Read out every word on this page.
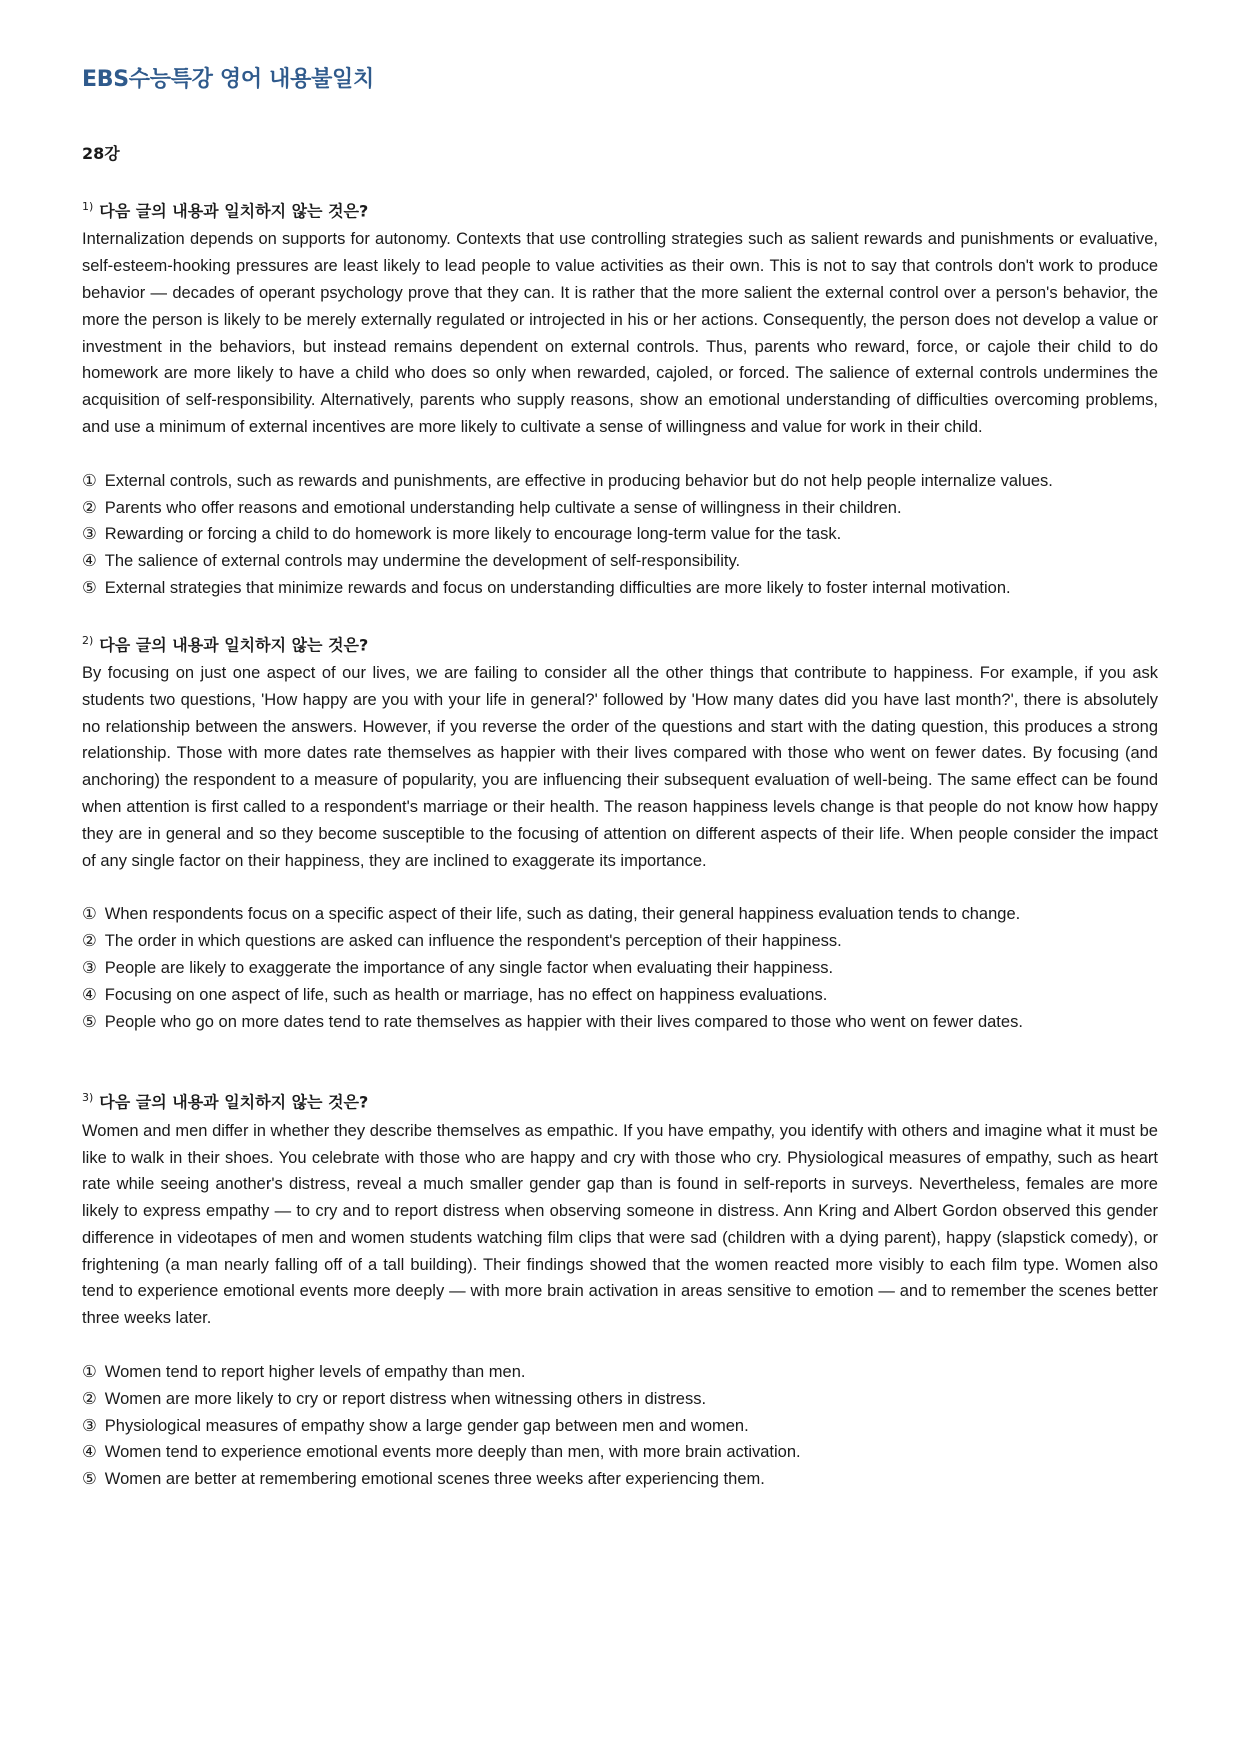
EBS수능특강 영어 내용불일치
28강
$^{1)}$ 다음 글의 내용과 일치하지 않는 것은?

Internalization depends on supports for autonomy. Contexts that use controlling strategies such as salient rewards and punishments or evaluative, self-esteem-hooking pressures are least likely to lead people to value activities as their own. This is not to say that controls don't work to produce behavior — decades of operant psychology prove that they can. It is rather that the more salient the external control over a person's behavior, the more the person is likely to be merely externally regulated or introjected in his or her actions. Consequently, the person does not develop a value or investment in the behaviors, but instead remains dependent on external controls. Thus, parents who reward, force, or cajole their child to do homework are more likely to have a child who does so only when rewarded, cajoled, or forced. The salience of external controls undermines the acquisition of self-responsibility. Alternatively, parents who supply reasons, show an emotional understanding of difficulties overcoming problems, and use a minimum of external incentives are more likely to cultivate a sense of willingness and value for work in their child.

① External controls, such as rewards and punishments, are effective in producing behavior but do not help people internalize values.
② Parents who offer reasons and emotional understanding help cultivate a sense of willingness in their children.
③ Rewarding or forcing a child to do homework is more likely to encourage long-term value for the task.
④ The salience of external controls may undermine the development of self-responsibility.
⑤ External strategies that minimize rewards and focus on understanding difficulties are more likely to foster internal motivation.
$^{2)}$ 다음 글의 내용과 일치하지 않는 것은?

By focusing on just one aspect of our lives, we are failing to consider all the other things that contribute to happiness. For example, if you ask students two questions, 'How happy are you with your life in general?' followed by 'How many dates did you have last month?', there is absolutely no relationship between the answers. However, if you reverse the order of the questions and start with the dating question, this produces a strong relationship. Those with more dates rate themselves as happier with their lives compared with those who went on fewer dates. By focusing (and anchoring) the respondent to a measure of popularity, you are influencing their subsequent evaluation of well-being. The same effect can be found when attention is first called to a respondent's marriage or their health. The reason happiness levels change is that people do not know how happy they are in general and so they become susceptible to the focusing of attention on different aspects of their life. When people consider the impact of any single factor on their happiness, they are inclined to exaggerate its importance.

① When respondents focus on a specific aspect of their life, such as dating, their general happiness evaluation tends to change.
② The order in which questions are asked can influence the respondent's perception of their happiness.
③ People are likely to exaggerate the importance of any single factor when evaluating their happiness.
④ Focusing on one aspect of life, such as health or marriage, has no effect on happiness evaluations.
⑤ People who go on more dates tend to rate themselves as happier with their lives compared to those who went on fewer dates.
$^{3)}$ 다음 글의 내용과 일치하지 않는 것은?

Women and men differ in whether they describe themselves as empathic. If you have empathy, you identify with others and imagine what it must be like to walk in their shoes. You celebrate with those who are happy and cry with those who cry. Physiological measures of empathy, such as heart rate while seeing another's distress, reveal a much smaller gender gap than is found in self-reports in surveys. Nevertheless, females are more likely to express empathy — to cry and to report distress when observing someone in distress. Ann Kring and Albert Gordon observed this gender difference in videotapes of men and women students watching film clips that were sad (children with a dying parent), happy (slapstick comedy), or frightening (a man nearly falling off of a tall building). Their findings showed that the women reacted more visibly to each film type. Women also tend to experience emotional events more deeply — with more brain activation in areas sensitive to emotion — and to remember the scenes better three weeks later.

① Women tend to report higher levels of empathy than men.
② Women are more likely to cry or report distress when witnessing others in distress.
③ Physiological measures of empathy show a large gender gap between men and women.
④ Women tend to experience emotional events more deeply than men, with more brain activation.
⑤ Women are better at remembering emotional scenes three weeks after experiencing them.
